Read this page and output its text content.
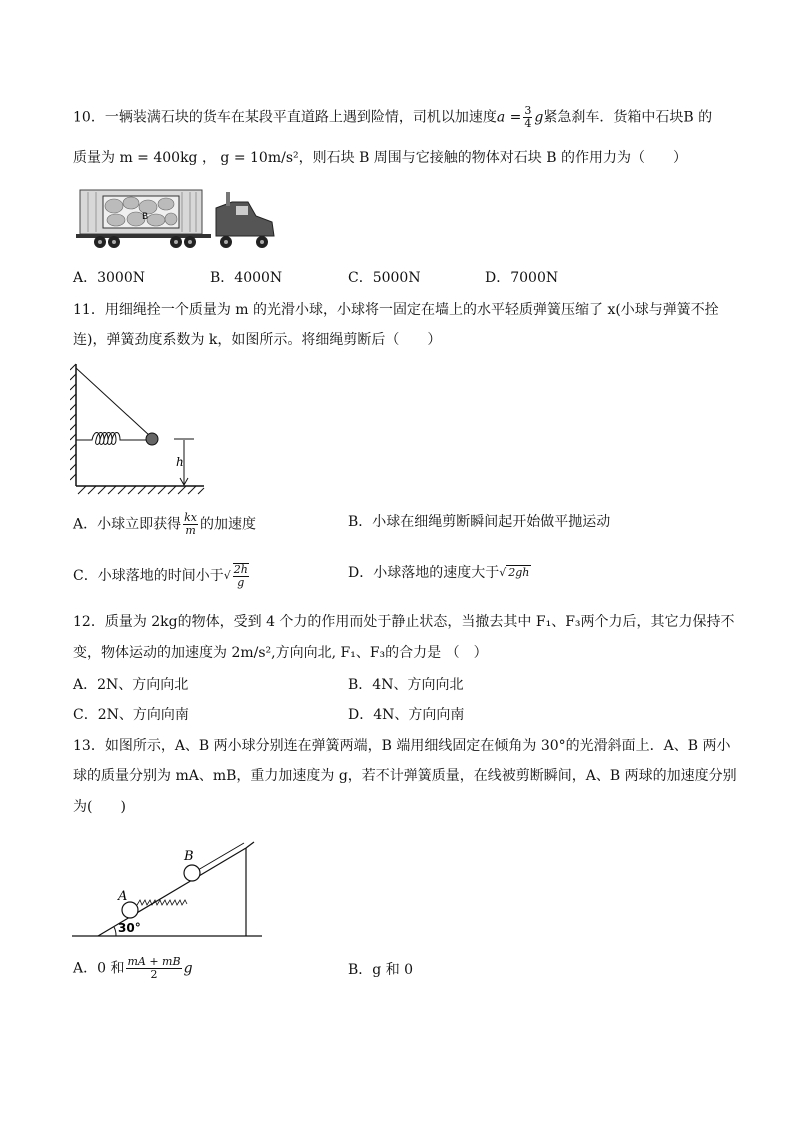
10．一辆装满石块的货车在某段平直道路上遇到险情，司机以加速度$a = \frac{3}{4}$ g紧急刹车．货箱中石块B 的
质量为 m = 400kg ， g = 10m/s²，则石块 B 周围与它接触的物体对石块 B 的作用力为（　　）
B
A．3000N	B．4000N	C．5000N	D．7000N
11．用细绳拴一个质量为 m 的光滑小球，小球将一固定在墙上的水平轻质弹簧压缩了 x(小球与弹簧不拴
连)，弹簧劲度系数为 k，如图所示。将细绳剪断后（　　）
h
A．小球立即获得 $\frac{kx}{m}$ 的加速度	B．小球在细绳剪断瞬间起开始做平抛运动
C．小球落地的时间小于√ $\frac{2h}{g}$	D．小球落地的速度大于√ 2gh
12．质量为 2kg的物体，受到 4 个力的作用而处于静止状态，当撤去其中 F₁、F₃两个力后，其它力保持不
变，物体运动的加速度为 2m/s²,方向向北, F₁、F₃的合力是 （　）
A．2N、方向向北	B．4N、方向向北
C．2N、方向向南	D．4N、方向向南
13．如图所示，A、B 两小球分别连在弹簧两端，B 端用细线固定在倾角为 30°的光滑斜面上．A、B 两小
球的质量分别为 mA、mB，重力加速度为 g，若不计弹簧质量，在线被剪断瞬间，A、B 两球的加速度分别
为(　　)
A
B
30°
A．0 和 $\frac{mA + mB}{2}$ g	B．g 和 0
